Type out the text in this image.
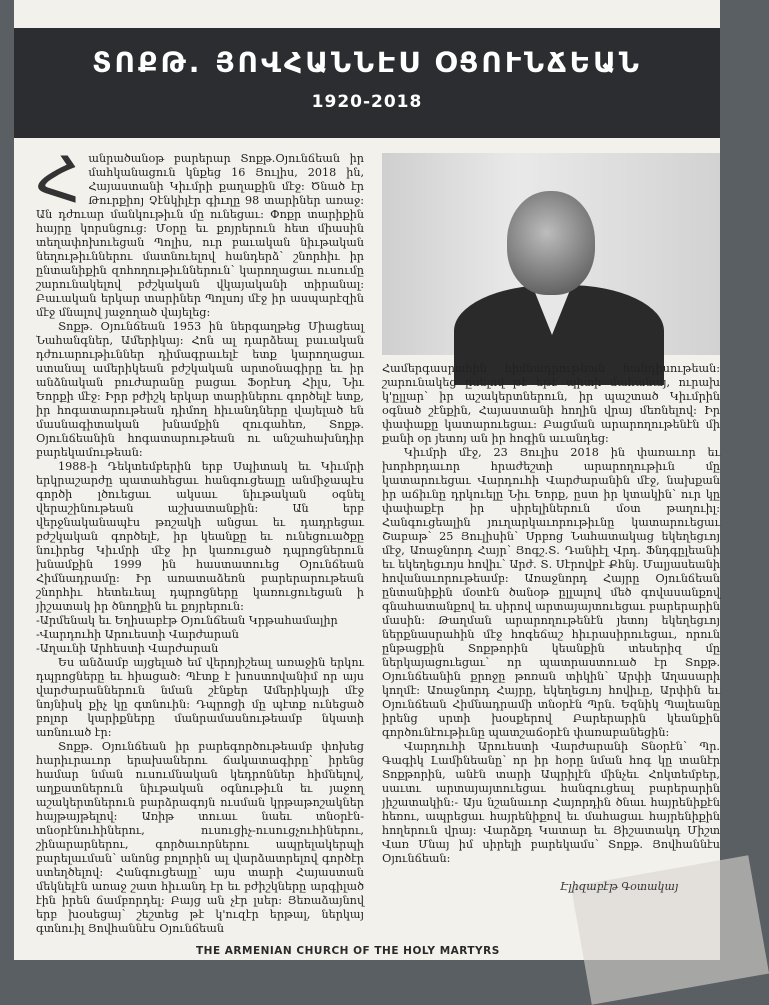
ՏՈՔԹ. ՅՈՎՀԱՆՆԷՍ ՕՑՈՒՆՃԵԱՆ
1920-2018
Հ անրածանօթ բարերար Տոքթ.Օյունճեան իր մահկանացուն կնքեց 16 Յուլիս, 2018 ին, Հայաստանի Կիւմրի քաղաքին մէջ: Ծնած էր Թուրքիոյ Չէնկիլէր գիւղը 98 տարիներ առաջ: Ան դժուար մանկութիւն մը ունեցաւ: Փոքր տարիքին հայրը կորսնցուց: Մօրը եւ քոյրերուն հետ միասին տեղափոխուեցան Պոլիս, ուր բաւական նիւթական նեղութիւններու մատնուելով հանդերձ՝ շնորհիւ իր ընտանիքին զոհողութիւններուն՝ կարողացաւ ուսումը շարունակելով բժշկական վկայականի տիրանալ: Բաւական երկար տարիներ Պոլսոյ մէջ իր ասպարէզին մէջ մնալով յաջողած վայելեց:

Տոքթ. Օյունճեան 1953 ին ներգաղթեց Միացեալ Նահանգներ, Ամերիկայ: Հոն ալ դարձեալ բաւական դժուարութիւններ դիմագրաւելէ ետք կարողացաւ ստանալ ամերիկեան բժշկական արտօնագիրը եւ իր անձնական բուժարանը բացաւ Ֆօրէսդ Հիլս, Նիւ Եորքի մէջ: Իրր բժիշկ երկար տարիներու գործելէ ետք, իր հոգատարութեան դիմող հիւանդները վայելած են մասնագիտական խնամքին զուգահեռ, Տոքթ. Օյունճեանին հոգատարութեան ու անշահախնդիր բարեկամութեան:

1988-ի Դեկտեմբերին երբ Սպիտակ եւ Կիւմրի երկրաշարժը պատահեցաւ հանգուցեալը անմիջապէս գործի լծուեցաւ ակսաւ նիւթական օգնել վերաշինութեան աշխատանքին: Ան երբ վերջնականապէս թոշակի անցաւ եւ դադրեցաւ բժշկական գործելէ, իր կեանքը եւ ունեցուածքը նուիրեց Կիւմրի մէջ իր կառուցած դպրոցներուն խնամքին 1999 ին հաստատուեց Օյունճեան Հիմնադրամը: Իր առատաձեռն բարերարութեան շնորհիւ հետեւեալ դպրոցները կառուցուեցան ի յիշատակ իր ծնողքին եւ քոյրերուն:

-Արմենակ եւ Եղիսաբէթ Օյունճեան Կրթահամալիր
-Վարդուհի Արուեստի Վարժարան
-Աղաւնի Արհեստի Վարժարան

Ես անձամբ այցելած եմ վերոյիշեալ առաջին երկու դպրոցները եւ հիացած: Պէտք է խոստովանիմ որ այս վարժարաններուն նման շէնքեր Ամերիկայի մէջ նոյնիսկ քիչ կը գտնուին: Դպրոցի մը պէտք ունեցած բոլոր կարիքները մանրամասնութեամբ նկատի առնուած էր:

Տոքթ. Օյունճեան իր բարեգործութեամբ փոխեց հարիւրաւոր երախաներու ճակատագիրը՝ իրենց համար նման ուսումնական կեդրոններ հիմնելով, աղքատներուն նիւթական օգնութիւն եւ յաջող աշակերտներուն բարձրագոյն ուսման կրթաթոշակներ հայթայթելով: Առիթ տուաւ նաեւ տնօրէն-տնօրէնուհիներու, ուսուցիչ-ուսուցչուհիներու, շինարարներու, գործաւորներու ապրելակերպի բարելաւման՝ անոնց բոլորին ալ վարձատրելով գործէր ստեղծելով: Հանգուցեալը՝ այս տարի Հայաստան մեկնելէն առաջ շատ հիւանդ էր եւ բժիշկները արգիլած էին իրեն ճամբորդել: Բայց ան չէր լսեր: Յեռաձայնով երբ խօսեցայ՝ շեշտեց թէ կ'ուզէր երթալ, ներկայ գտնուիլ Յովհաննէս Օյունճեան

Համերգասրահին հիմնադրութեան հանդիսութեան: շարունակեց ըսելով թէ եթէ պիտի մահանայ, ուրախ կ'ըլլար՝ իր աշակերտներուն, իր պաշտած Կիւմրին օգնած շէնքին, Հայաստանի հողին վրայ մեռնելով: Իր փափաքը կատարուեցաւ: Բացման արարողութենէն մի քանի օր յետոյ ան իր հոգին աւանդեց:

Կիւմրի մէջ, 23 Յուլիս 2018 ին փառաւոր եւ խորհրդաւոր հրաժեշտի արարողութիւն մը կատարուեցաւ Վարդուհի Վարժարանին մէջ, նախքան իր աճիւնը դրկուելը Նիւ Եորք, ըստ իր կտակին՝ ուր կը փափաքէր իր սիրելիներուն մօտ թաղուիլ: Հանգուցեալին յուղարկաւորութիւնը կատարուեցաւ Շաբաթ՝ 25 Յուլիսին՝ Սրբոց Նահատակաց եկեղեցւոյ մէջ, Առաջնորդ Հայր՝ Յոգշ.Տ. Դանիէլ Վրդ. Ֆնդգըլեանի եւ եկեղեցւոյս հովիւ՝ Արժ. Տ. Սէրովբէ Քհնյ. Մալյասեանի հովանաւորութեամբ: Առաջնորդ Հայրը Օյունճեան ընտանիքին մօտէն ծանօթ ըլլալով մեծ գովասանքով գնահատանքով եւ սիրով արտայայտուեցաւ բարերարին մասին: Թաղման արարողութենէն յետոյ եկեղեցւոյ ներքնասրահին մէջ հոգեճաշ հիւրասիրուեցաւ, որուն ընթացքին Տոքթորին կեանքին տեսերիզ մը ներկայացուեցաւ՝ որ պատրաստուած էր Տոքթ. Օյունճեանին քրոջը թոռան տիկին՝ Արփի Աղասարի կողմէ: Առաջնորդ Հայրը, եկեղեցւոյ հովիւը, Արփին եւ Օյունճեան Հիմնադրամի տնօրէն Պրն. Եզնիկ Պալեանը իրենց սրտի խօսքերով Բարերարին կեանքին գործունէութիւնը պատշաճօրէն փառաբանեցին:

Վարդուհի Արուեստի Վարժարանի Տնօրէն՝ Պր. Գագիկ Լամինեանը՝ որ իր հօրը նման հոգ կը տանէր Տոքթորին, անէն տարի Ապրիլէն մինչեւ Հոկտեմբեր, սաւտւ արտայայտուեցաւ հանգուցեալ բարերարին յիշատակին:- Այս նշանաւոր Հայորդին ծնաւ հայրենիքէն հեռու, ապրեցաւ հայրենիքով եւ մահացաւ հայրենիքին հողերուն վրայ: Վարձքդ Կատար եւ Յիշատակդ Միշտ Վառ Մնայ իմ սիրելի բարեկամս՝ Տոքթ. Յովհաննէս Օյունճեան:

Էլիզաբէթ Գօտակայ
THE ARMENIAN CHURCH OF THE HOLY MARTYRS
